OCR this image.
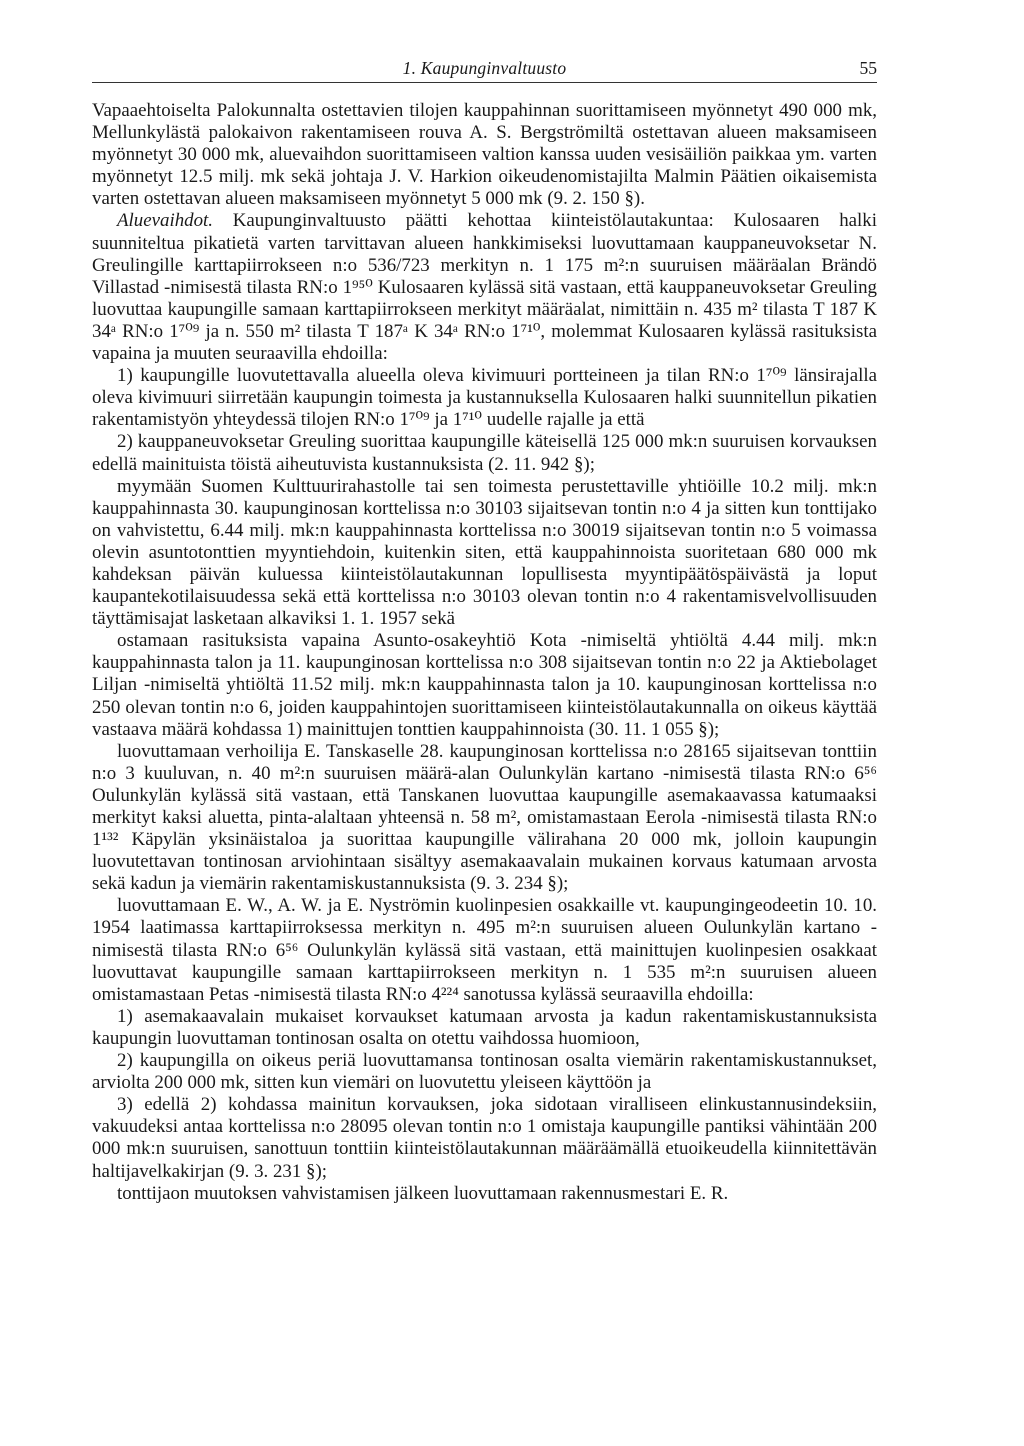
1. Kaupunginvaltuusto	55

Vapaaehtoiselta Palokunnalta ostettavien tilojen kauppahinnan suorittamiseen myönnetyt 490 000 mk, Mellunkylästä palokaivon rakentamiseen rouva A. S. Bergströmiltä ostettavan alueen maksamiseen myönnetyt 30 000 mk, aluevaihdon suorittamiseen valtion kanssa uuden vesisäiliön paikkaa ym. varten myönnetyt 12.5 milj. mk sekä johtaja J. V. Harkion oikeudenomistajilta Malmin Päätien oikaisemista varten ostettavan alueen maksamiseen myönnetyt 5 000 mk (9. 2. 150 §).

Aluevaihdot. Kaupunginvaltuusto päätti kehottaa kiinteistölautakuntaa: Kulosaaren halki suunniteltua pikatietä varten tarvittavan alueen hankkimiseksi luovuttamaan kauppaneuvoksetar N. Greulingille karttapiirrokseen n:o 536/723 merkityn n. 1 175 m²:n suuruisen määräalan Brändö Villastad -nimisestä tilasta RN:o 1⁹⁵⁰ Kulosaaren kylässä sitä vastaan, että kauppaneuvoksetar Greuling luovuttaa kaupungille samaan karttapiirrokseen merkityt määräalat, nimittäin n. 435 m² tilasta T 187 K 34ᵃ RN:o 1⁷⁰⁹ ja n. 550 m² tilasta T 187ᵃ K 34ᵃ RN:o 1⁷¹⁰, molemmat Kulosaaren kylässä rasituksista vapaina ja muuten seuraavilla ehdoilla:

1) kaupungille luovutettavalla alueella oleva kivimuuri portteineen ja tilan RN:o 1⁷⁰⁹ länsirajalla oleva kivimuuri siirretään kaupungin toimesta ja kustannuksella Kulosaaren halki suunnitellun pikatien rakentamistyön yhteydessä tilojen RN:o 1⁷⁰⁹ ja 1⁷¹⁰ uudelle rajalle ja että

2) kauppaneuvoksetar Greuling suorittaa kaupungille käteisellä 125 000 mk:n suuruisen korvauksen edellä mainituista töistä aiheutuvista kustannuksista (2. 11. 942 §);

myymään Suomen Kulttuurirahastolle tai sen toimesta perustettaville yhtiöille 10.2 milj. mk:n kauppahinnasta 30. kaupunginosan korttelissa n:o 30103 sijaitsevan tontin n:o 4 ja sitten kun tonttijako on vahvistettu, 6.44 milj. mk:n kauppahinnasta korttelissa n:o 30019 sijaitsevan tontin n:o 5 voimassa olevin asuntotonttien myyntiehdoin, kuitenkin siten, että kauppahinnoista suoritetaan 680 000 mk kahdeksan päivän kuluessa kiinteistölautakunnan lopullisesta myyntipäätöspäivästä ja loput kaupantekotilaisuudessa sekä että korttelissa n:o 30103 olevan tontin n:o 4 rakentamisvelvollisuuden täyttämisajat lasketaan alkaviksi 1. 1. 1957 sekä

ostamaan rasituksista vapaina Asunto-osakeyhtiö Kota -nimiseltä yhtiöltä 4.44 milj. mk:n kauppahinnasta talon ja 11. kaupunginosan korttelissa n:o 308 sijaitsevan tontin n:o 22 ja Aktiebolaget Liljan -nimiseltä yhtiöltä 11.52 milj. mk:n kauppahinnasta talon ja 10. kaupunginosan korttelissa n:o 250 olevan tontin n:o 6, joiden kauppahintojen suorittamiseen kiinteistölautakunnalla on oikeus käyttää vastaava määrä kohdassa 1) mainittujen tonttien kauppahinnoista (30. 11. 1 055 §);

luovuttamaan verhoilija E. Tanskaselle 28. kaupunginosan korttelissa n:o 28165 sijaitsevan tonttiin n:o 3 kuuluvan, n. 40 m²:n suuruisen määrä-alan Oulunkylän kartano -nimisestä tilasta RN:o 6⁵⁶ Oulunkylän kylässä sitä vastaan, että Tanskanen luovuttaa kaupungille asemakaavassa katumaaksi merkityt kaksi aluetta, pinta-alaltaan yhteensä n. 58 m², omistamastaan Eerola -nimisestä tilasta RN:o 1¹³² Käpylän yksinäistaloa ja suorittaa kaupungille välirahana 20 000 mk, jolloin kaupungin luovutettavan tontinosan arviohintaan sisältyy asemakaavalain mukainen korvaus katumaan arvosta sekä kadun ja viemärin rakentamiskustannuksista (9. 3. 234 §);

luovuttamaan E. W., A. W. ja E. Nyströmin kuolinpesien osakkaille vt. kaupungingeodeetin 10. 10. 1954 laatimassa karttapiirroksessa merkityn n. 495 m²:n suuruisen alueen Oulunkylän kartano -nimisestä tilasta RN:o 6⁵⁶ Oulunkylän kylässä sitä vastaan, että mainittujen kuolinpesien osakkaat luovuttavat kaupungille samaan karttapiirrokseen merkityn n. 1 535 m²:n suuruisen alueen omistamastaan Petas -nimisestä tilasta RN:o 4²²⁴ sanotussa kylässä seuraavilla ehdoilla:

1) asemakaavalain mukaiset korvaukset katumaan arvosta ja kadun rakentamiskustannuksista kaupungin luovuttaman tontinosan osalta on otettu vaihdossa huomioon,

2) kaupungilla on oikeus periä luovuttamansa tontinosan osalta viemärin rakentamiskustannukset, arviolta 200 000 mk, sitten kun viemäri on luovutettu yleiseen käyttöön ja

3) edellä 2) kohdassa mainitun korvauksen, joka sidotaan viralliseen elinkustannusindeksiin, vakuudeksi antaa korttelissa n:o 28095 olevan tontin n:o 1 omistaja kaupungille pantiksi vähintään 200 000 mk:n suuruisen, sanottuun tonttiin kiinteistölautakunnan määräämällä etuoikeudella kiinnitettävän haltijavelkakirjan (9. 3. 231 §);

tonttijaon muutoksen vahvistamisen jälkeen luovuttamaan rakennusmestari E. R.
